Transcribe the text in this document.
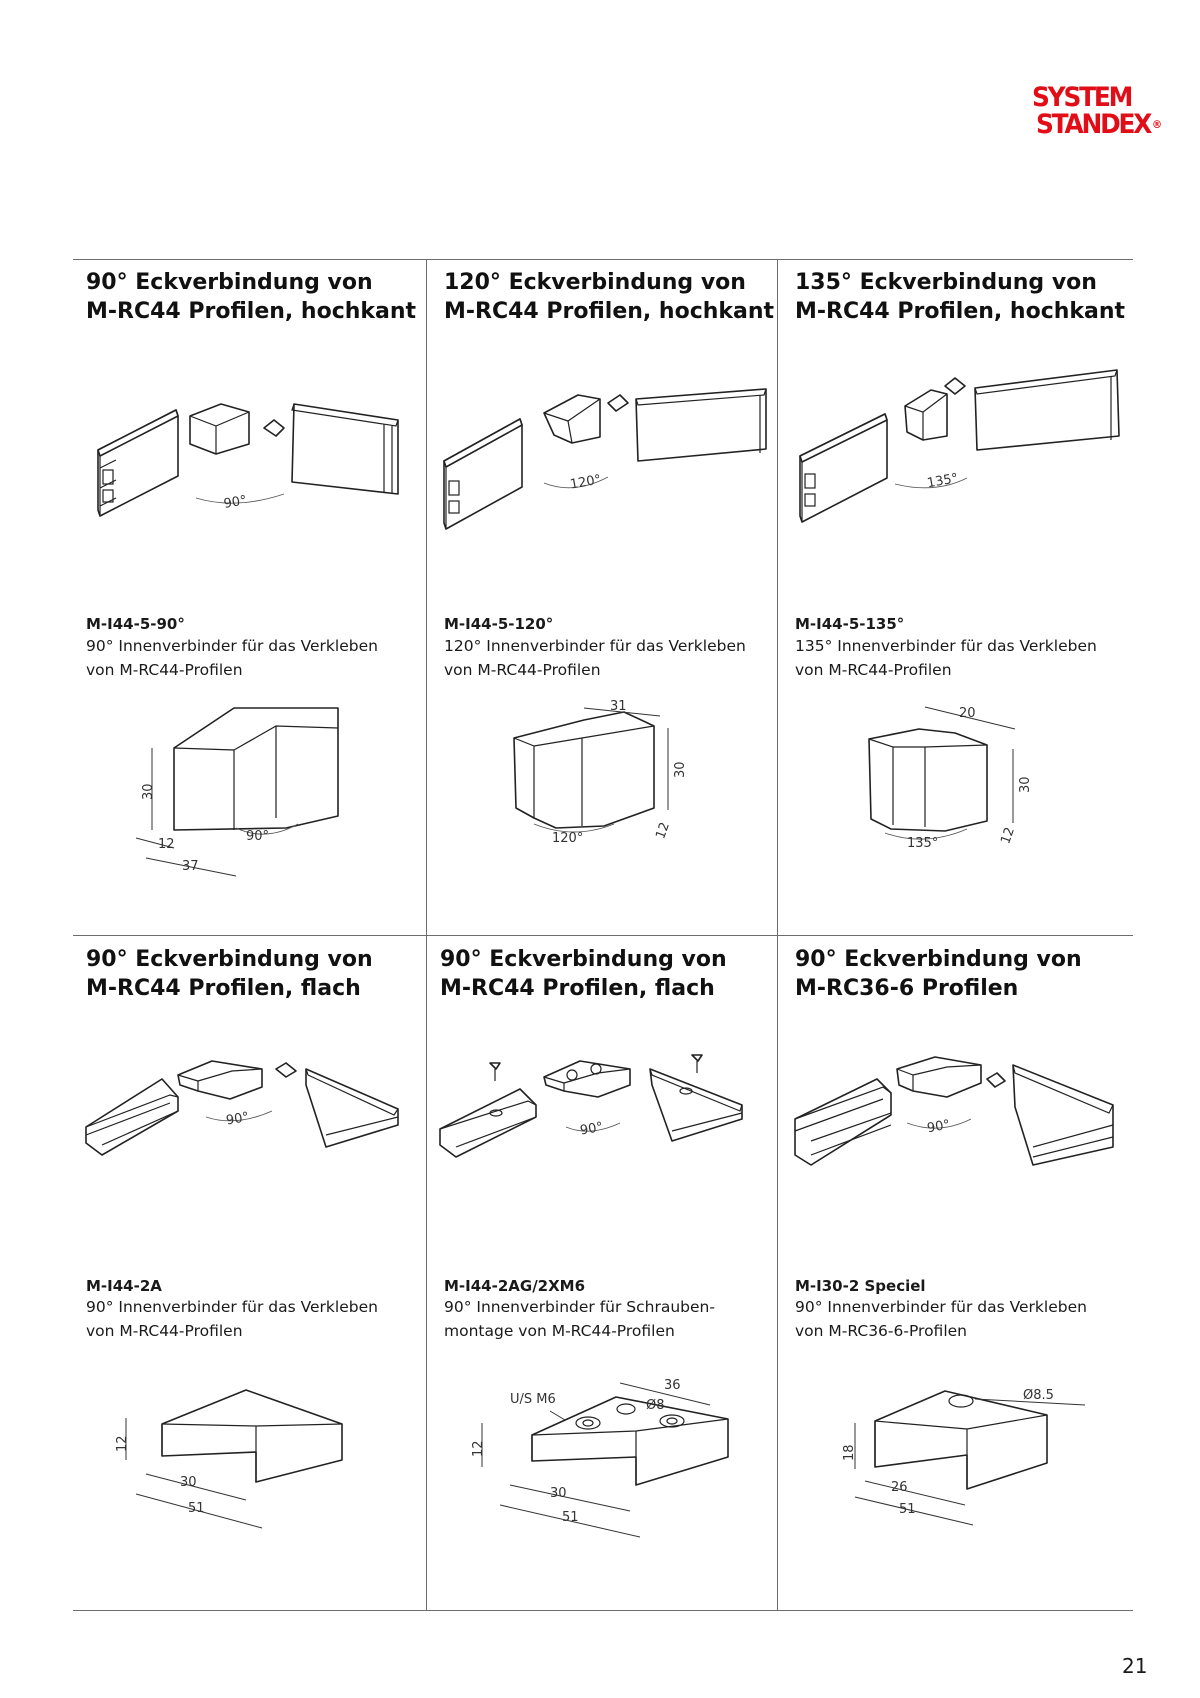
SYSTEM
STANDEX ®
90° Eckverbindung von
M-RC44 Profilen, hochkant
90°
M-I44-5-90°
90° Innenverbinder für das Verkleben
von M-RC44-Profilen
30
12
37
90°
120° Eckverbindung von
M-RC44 Profilen, hochkant
120°
M-I44-5-120°
120° Innenverbinder für das Verkleben
von M-RC44-Profilen
31
30
12
120°
135° Eckverbindung von
M-RC44 Profilen, hochkant
135°
M-I44-5-135°
135° Innenverbinder für das Verkleben
von M-RC44-Profilen
20
30
12
135°
90° Eckverbindung von
M-RC44 Profilen, flach
90°
M-I44-2A
90° Innenverbinder für das Verkleben
von M-RC44-Profilen
12
30
51
90° Eckverbindung von
M-RC44 Profilen, flach
90°
M-I44-2AG/2XM6
90° Innenverbinder für Schrauben-
montage von M-RC44-Profilen
U/S M6
36
Ø8
12
30
51
90° Eckverbindung von
M-RC36-6 Profilen
90°
M-I30-2 Speciel
90° Innenverbinder für das Verkleben
von M-RC36-6-Profilen
Ø8.5
18
26
51
21
